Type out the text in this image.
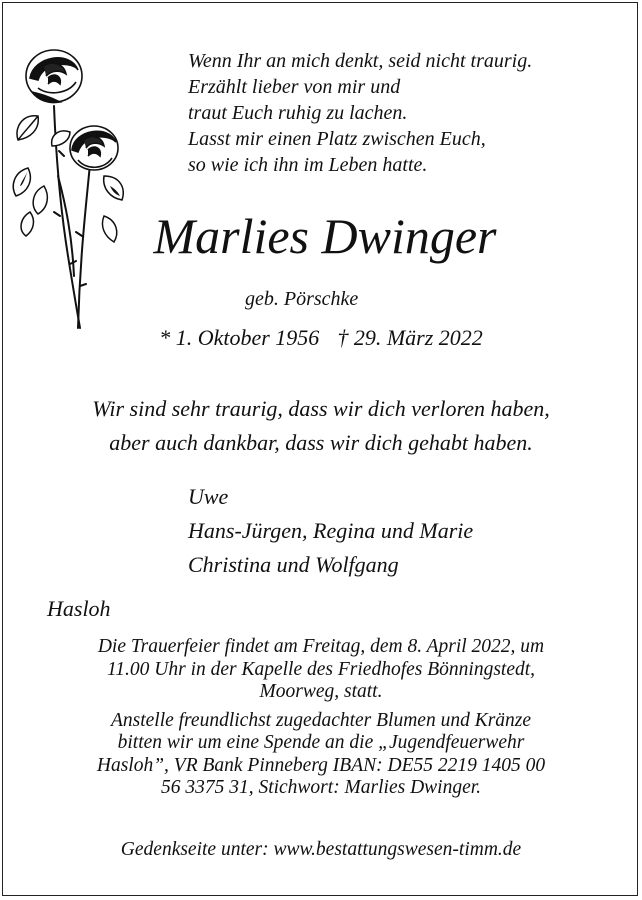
Wenn Ihr an mich denkt, seid nicht traurig.
Erzählt lieber von mir und
traut Euch ruhig zu lachen.
Lasst mir einen Platz zwischen Euch,
so wie ich ihn im Leben hatte.
Marlies Dwinger
geb. Pörschke
* 1. Oktober 1956 † 29. März 2022
Wir sind sehr traurig, dass wir dich verloren haben,
aber auch dankbar, dass wir dich gehabt haben.
Uwe
Hans-Jürgen, Regina und Marie
Christina und Wolfgang
Hasloh
Die Trauerfeier findet am Freitag, dem 8. April 2022, um
11.00 Uhr in der Kapelle des Friedhofes Bönningstedt,
Moorweg, statt.
Anstelle freundlichst zugedachter Blumen und Kränze
bitten wir um eine Spende an die „Jugendfeuerwehr
Hasloh”, VR Bank Pinneberg IBAN: DE55 2219 1405 00
56 3375 31, Stichwort: Marlies Dwinger.
Gedenkseite unter: www.bestattungswesen-timm.de
